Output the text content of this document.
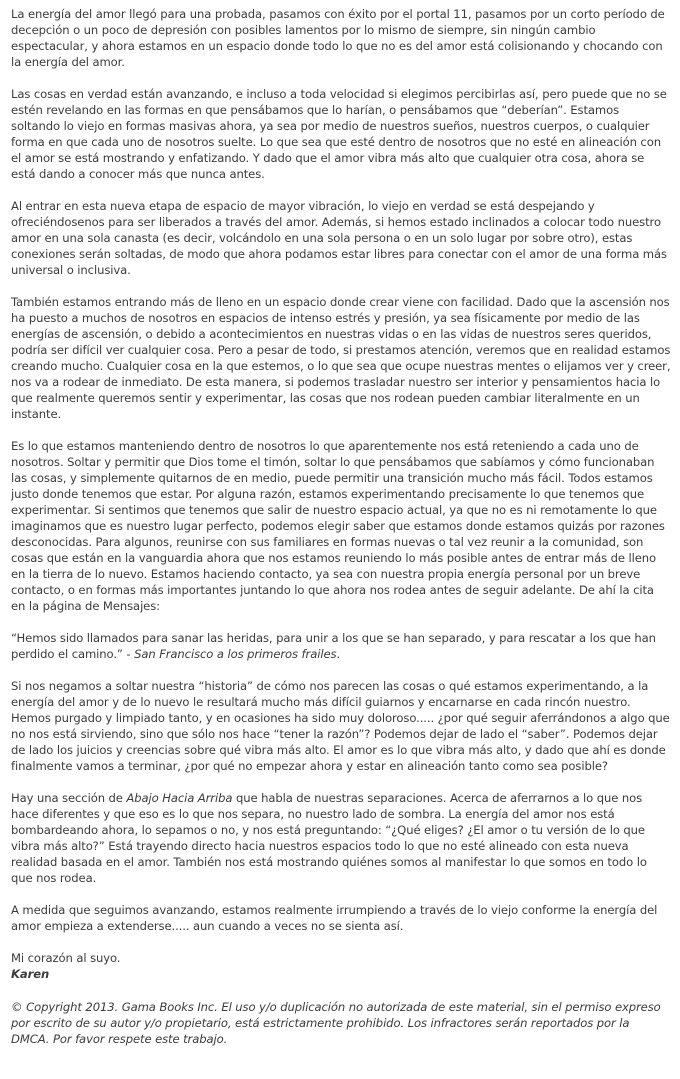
La energía del amor llegó para una probada, pasamos con éxito por el portal 11, pasamos por un corto período de decepción o un poco de depresión con posibles lamentos por lo mismo de siempre, sin ningún cambio espectacular, y ahora estamos en un espacio donde todo lo que no es del amor está colisionando y chocando con la energía del amor.

Las cosas en verdad están avanzando, e incluso a toda velocidad si elegimos percibirlas así, pero puede que no se estén revelando en las formas en que pensábamos que lo harían, o pensábamos que “deberían”. Estamos soltando lo viejo en formas masivas ahora, ya sea por medio de nuestros sueños, nuestros cuerpos, o cualquier forma en que cada uno de nosotros suelte. Lo que sea que esté dentro de nosotros que no esté en alineación con el amor se está mostrando y enfatizando. Y dado que el amor vibra más alto que cualquier otra cosa, ahora se está dando a conocer más que nunca antes.

Al entrar en esta nueva etapa de espacio de mayor vibración, lo viejo en verdad se está despejando y ofreciéndosenos para ser liberados a través del amor. Además, si hemos estado inclinados a colocar todo nuestro amor en una sola canasta (es decir, volcándolo en una sola persona o en un solo lugar por sobre otro), estas conexiones serán soltadas, de modo que ahora podamos estar libres para conectar con el amor de una forma más universal o inclusiva.

También estamos entrando más de lleno en un espacio donde crear viene con facilidad. Dado que la ascensión nos ha puesto a muchos de nosotros en espacios de intenso estrés y presión, ya sea físicamente por medio de las energías de ascensión, o debido a acontecimientos en nuestras vidas o en las vidas de nuestros seres queridos, podría ser difícil ver cualquier cosa. Pero a pesar de todo, si prestamos atención, veremos que en realidad estamos creando mucho. Cualquier cosa en la que estemos, o lo que sea que ocupe nuestras mentes o elijamos ver y creer, nos va a rodear de inmediato. De esta manera, si podemos trasladar nuestro ser interior y pensamientos hacia lo que realmente queremos sentir y experimentar, las cosas que nos rodean pueden cambiar literalmente en un instante.

Es lo que estamos manteniendo dentro de nosotros lo que aparentemente nos está reteniendo a cada uno de nosotros. Soltar y permitir que Dios tome el timón, soltar lo que pensábamos que sabíamos y cómo funcionaban las cosas, y simplemente quitarnos de en medio, puede permitir una transición mucho más fácil. Todos estamos justo donde tenemos que estar. Por alguna razón, estamos experimentando precisamente lo que tenemos que experimentar. Si sentimos que tenemos que salir de nuestro espacio actual, ya que no es ni remotamente lo que imaginamos que es nuestro lugar perfecto, podemos elegir saber que estamos donde estamos quizás por razones desconocidas. Para algunos, reunirse con sus familiares en formas nuevas o tal vez reunir a la comunidad, son cosas que están en la vanguardia ahora que nos estamos reuniendo lo más posible antes de entrar más de lleno en la tierra de lo nuevo. Estamos haciendo contacto, ya sea con nuestra propia energía personal por un breve contacto, o en formas más importantes juntando lo que ahora nos rodea antes de seguir adelante. De ahí la cita en la página de Mensajes:

“Hemos sido llamados para sanar las heridas, para unir a los que se han separado, y para rescatar a los que han perdido el camino.” - San Francisco a los primeros frailes.

Si nos negamos a soltar nuestra “historia” de cómo nos parecen las cosas o qué estamos experimentando, a la energía del amor y de lo nuevo le resultará mucho más difícil guiarnos y encarnarse en cada rincón nuestro. Hemos purgado y limpiado tanto, y en ocasiones ha sido muy doloroso..... ¿por qué seguir aferrándonos a algo que no nos está sirviendo, sino que sólo nos hace “tener la razón”? Podemos dejar de lado el “saber”. Podemos dejar de lado los juicios y creencias sobre qué vibra más alto. El amor es lo que vibra más alto, y dado que ahí es donde finalmente vamos a terminar, ¿por qué no empezar ahora y estar en alineación tanto como sea posible?

Hay una sección de Abajo Hacia Arriba que habla de nuestras separaciones. Acerca de aferrarnos a lo que nos hace diferentes y que eso es lo que nos separa, no nuestro lado de sombra. La energía del amor nos está bombardeando ahora, lo sepamos o no, y nos está preguntando: “¿Qué eliges? ¿El amor o tu versión de lo que vibra más alto?” Está trayendo directo hacia nuestros espacios todo lo que no esté alineado con esta nueva realidad basada en el amor. También nos está mostrando quiénes somos al manifestar lo que somos en todo lo que nos rodea.

A medida que seguimos avanzando, estamos realmente irrumpiendo a través de lo viejo conforme la energía del amor empieza a extenderse..... aun cuando a veces no se sienta así.

Mi corazón al suyo.

Karen

© Copyright 2013. Gama Books Inc. El uso y/o duplicación no autorizada de este material, sin el permiso expreso por escrito de su autor y/o propietario, está estrictamente prohibido. Los infractores serán reportados por la DMCA. Por favor respete este trabajo.
